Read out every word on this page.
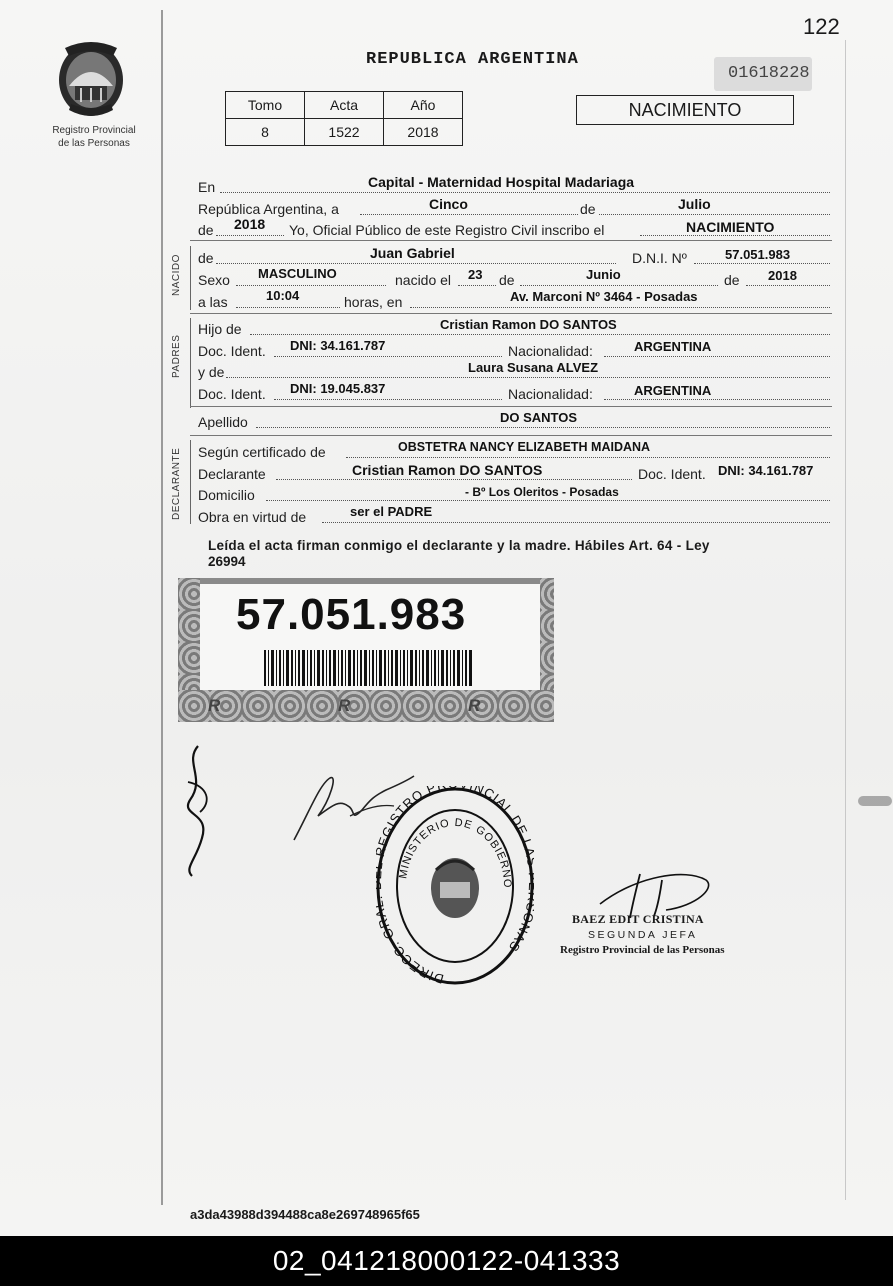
122
Registro Provincial
de las Personas
REPUBLICA ARGENTINA
01618228
NACIMIENTO
Tomo	Acta	Año
8	1522	2018
En	Capital - Maternidad Hospital Madariaga
República Argentina, a	Cinco	de	Julio
de 2018 Yo, Oficial Público de este Registro Civil inscribo el	NACIMIENTO
NACIDO de	Juan Gabriel	D.N.I. Nº	57.051.983
Sexo MASCULINO	nacido el 23 de	Junio	de 2018
a las	10:04	horas, en	Av. Marconi Nº 3464 - Posadas
PADRES
Hijo de	Cristian Ramon DO SANTOS
Doc. Ident. DNI: 34.161.787	Nacionalidad:	ARGENTINA
y de	Laura Susana ALVEZ
Doc. Ident. DNI: 19.045.837	Nacionalidad:	ARGENTINA
Apellido	DO SANTOS
DECLARANTE Según certificado de	OBSTETRA NANCY ELIZABETH MAIDANA
Declarante	Cristian Ramon DO SANTOS	Doc. Ident. DNI: 34.161.787
Domicilio	- Bº Los Oleritos - Posadas
Obra en virtud de	ser el PADRE
Leída el acta firman conmigo el declarante y la madre. Hábiles Art. 64 - Ley
26994
R	R	R
57.051.983
DIRECC. GR EGISTRO P NCIAL DE NAS
MINISTERIO DE GOBIERNO
BAEZ EDIT CRISTINA
SEGUNDA JEFA
Registro Provincial de las Personas
a3da43988d394488ca8e269748965f65
02_041218000122-041333
